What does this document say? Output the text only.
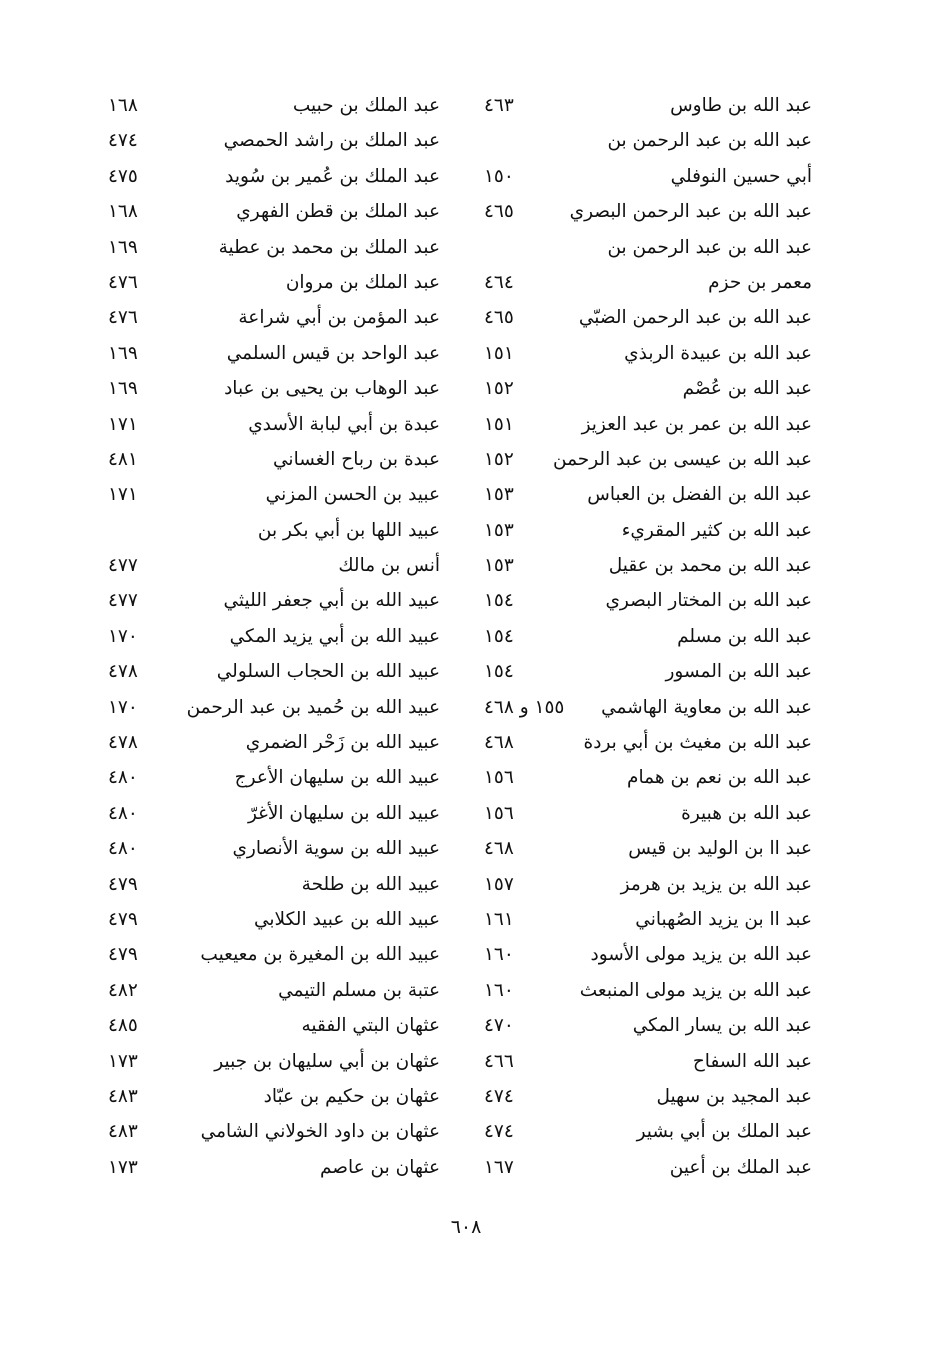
عبد الله بن طاوس
٤٦٣
عبد الله بن عبد الرحمن بن
أبي حسين النوفلي
١٥٠
عبد الله بن عبد الرحمن البصري
٤٦٥
عبد الله بن عبد الرحمن بن
معمر بن حزم
٤٦٤
عبد الله بن عبد الرحمن الضبّي
٤٦٥
عبد الله بن عبيدة الربذي
١٥١
عبد الله بن عُصْم
١٥٢
عبد الله بن عمر بن عبد العزيز
١٥١
عبد الله بن عيسى بن عبد الرحمن
١٥٢
عبد الله بن الفضل بن العباس
١٥٣
عبد الله بن كثير المقريء
١٥٣
عبد الله بن محمد بن عقيل
١٥٣
عبد الله بن المختار البصري
١٥٤
عبد الله بن مسلم
١٥٤
عبد الله بن المسور
١٥٤
عبد الله بن معاوية الهاشمي
١٥٥ و ٤٦٨
عبد الله بن مغيث بن أبي بردة
٤٦٨
عبد الله بن نعم بن همام
١٥٦
عبد الله بن هبيرة
١٥٦
عبد اا بن الوليد بن قيس
٤٦٨
عبد الله بن يزيد بن هرمز
١٥٧
عبد اا بن يزيد الصُهباني
١٦١
عبد الله بن يزيد مولى الأسود
١٦٠
عبد الله بن يزيد مولى المنبعث
١٦٠
عبد الله بن يسار المكي
٤٧٠
عبد الله السفاح
٤٦٦
عبد المجيد بن سهيل
٤٧٤
عبد الملك بن أبي بشير
٤٧٤
عبد الملك بن أعين
١٦٧
عبد الملك بن حبيب
١٦٨
عبد الملك بن راشد الحمصي
٤٧٤
عبد الملك بن عُمير بن سُويد
٤٧٥
عبد الملك بن قطن الفهري
١٦٨
عبد الملك بن محمد بن عطية
١٦٩
عبد الملك بن مروان
٤٧٦
عبد المؤمن بن أبي شراعة
٤٧٦
عبد الواحد بن قيس السلمي
١٦٩
عبد الوهاب بن يحيى بن عباد
١٦٩
عبدة بن أبي لبابة الأسدي
١٧١
عبدة بن رباح الغساني
٤٨١
عبيد بن الحسن المزني
١٧١
عبيد اللها بن أبي بكر بن
أنس بن مالك
٤٧٧
عبيد الله بن أبي جعفر الليثي
٤٧٧
عبيد الله بن أبي يزيد المكي
١٧٠
عبيد الله بن الحجاب السلولي
٤٧٨
عبيد الله بن حُميد بن عبد الرحمن
١٧٠
عبيد الله بن زَحْر الضمري
٤٧٨
عبيد الله بن سليهان الأعرج
٤٨٠
عبيد الله بن سليهان الأغرّ
٤٨٠
عبيد الله بن سوية الأنصاري
٤٨٠
عبيد الله بن طلحة
٤٧٩
عبيد الله بن عبيد الكلابي
٤٧٩
عبيد الله بن المغيرة بن معيعيب
٤٧٩
عتبة بن مسلم التيمي
٤٨٢
عثهان البتي الفقيه
٤٨٥
عثهان بن أبي سليهان بن جبير
١٧٣
عثهان بن حكيم بن عبّاد
٤٨٣
عثهان بن داود الخولاني الشامي
٤٨٣
عثهان بن عاصم
١٧٣
٦٠٨
